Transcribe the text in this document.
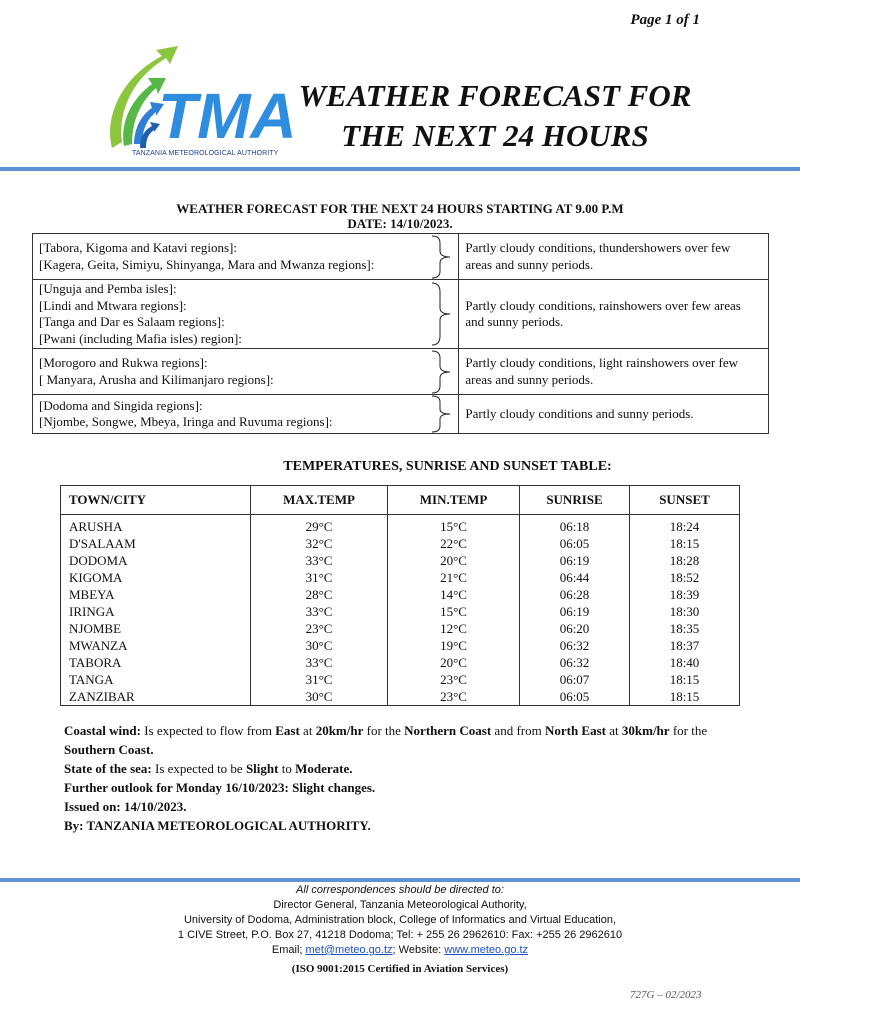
Page 1 of 1
TMA
TANZANIA METEOROLOGICAL AUTHORITY
WEATHER FORECAST FOR
THE NEXT 24 HOURS
WEATHER FORECAST FOR THE NEXT 24 HOURS STARTING AT 9.00 P.M
DATE: 14/10/2023.
[Tabora, Kigoma and Katavi regions]:
[Kagera, Geita, Simiyu, Shinyanga, Mara and Mwanza regions]:		Partly cloudy conditions, thundershowers over few areas and sunny periods.

[Unguja and Pemba isles]:
[Lindi and Mtwara regions]:
[Tanga and Dar es Salaam regions]:
[Pwani (including Mafia isles) region]:		Partly cloudy conditions, rainshowers over few areas and sunny periods.

[Morogoro and Rukwa regions]:
[ Manyara, Arusha and Kilimanjaro regions]:		Partly cloudy conditions, light rainshowers over few areas and sunny periods.

[Dodoma and Singida regions]:
[Njombe, Songwe, Mbeya, Iringa and Ruvuma regions]:		Partly cloudy conditions and sunny periods.
TEMPERATURES, SUNRISE AND SUNSET TABLE:
TOWN/CITY	MAX.TEMP	MIN.TEMP	SUNRISE	SUNSET
ARUSHA	29°C	15°C	06:18	18:24
D'SALAAM	32°C	22°C	06:05	18:15
DODOMA	33°C	20°C	06:19	18:28
KIGOMA	31°C	21°C	06:44	18:52
MBEYA	28°C	14°C	06:28	18:39
IRINGA	33°C	15°C	06:19	18:30
NJOMBE	23°C	12°C	06:20	18:35
MWANZA	30°C	19°C	06:32	18:37
TABORA	33°C	20°C	06:32	18:40
TANGA	31°C	23°C	06:07	18:15
ZANZIBAR	30°C	23°C	06:05	18:15

Coastal wind: Is expected to flow from East at 20km/hr for the Northern Coast and from North East at 30km/hr for the Southern Coast.

State of the sea: Is expected to be Slight to Moderate.

Further outlook for Monday 16/10/2023: Slight changes.

Issued on: 14/10/2023.

By: TANZANIA METEOROLOGICAL AUTHORITY.

All correspondences should be directed to:
Director General, Tanzania Meteorological Authority,
University of Dodoma, Administration block, College of Informatics and Virtual Education,
1 CIVE Street, P.O. Box 27, 41218 Dodoma; Tel: + 255 26 2962610: Fax: +255 26 2962610
Email; met@meteo.go.tz; Website: www.meteo.go.tz
(ISO 9001:2015 Certified in Aviation Services)
727G – 02/2023
